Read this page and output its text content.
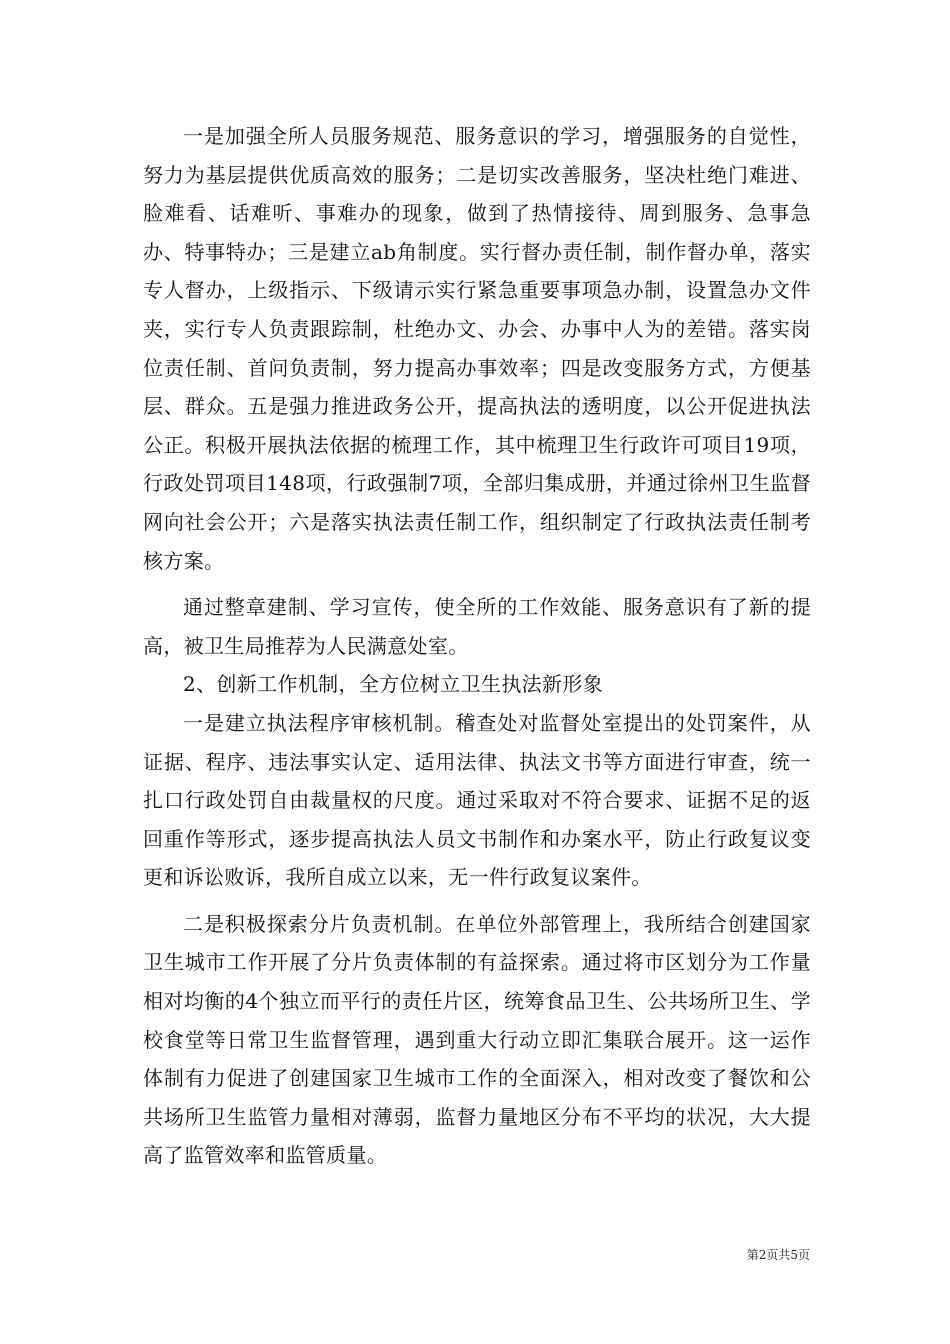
一是加强全所人员服务规范、服务意识的学习，增强服务的自觉性，努力为基层提供优质高效的服务；二是切实改善服务，坚决杜绝门难进、脸难看、话难听、事难办的现象，做到了热情接待、周到服务、急事急办、特事特办；三是建立ab角制度。实行督办责任制，制作督办单，落实专人督办，上级指示、下级请示实行紧急重要事项急办制，设置急办文件夹，实行专人负责跟踪制，杜绝办文、办会、办事中人为的差错。落实岗位责任制、首问负责制，努力提高办事效率；四是改变服务方式，方便基层、群众。五是强力推进政务公开，提高执法的透明度，以公开促进执法公正。积极开展执法依据的梳理工作，其中梳理卫生行政许可项目19项，行政处罚项目148项，行政强制7项，全部归集成册，并通过徐州卫生监督网向社会公开；六是落实执法责任制工作，组织制定了行政执法责任制考核方案。

通过整章建制、学习宣传，使全所的工作效能、服务意识有了新的提高，被卫生局推荐为人民满意处室。

2、创新工作机制，全方位树立卫生执法新形象

一是建立执法程序审核机制。稽查处对监督处室提出的处罚案件，从证据、程序、违法事实认定、适用法律、执法文书等方面进行审查，统一扎口行政处罚自由裁量权的尺度。通过采取对不符合要求、证据不足的返回重作等形式，逐步提高执法人员文书制作和办案水平，防止行政复议变更和诉讼败诉，我所自成立以来，无一件行政复议案件。

二是积极探索分片负责机制。在单位外部管理上，我所结合创建国家卫生城市工作开展了分片负责体制的有益探索。通过将市区划分为工作量相对均衡的4个独立而平行的责任片区，统筹食品卫生、公共场所卫生、学校食堂等日常卫生监督管理，遇到重大行动立即汇集联合展开。这一运作体制有力促进了创建国家卫生城市工作的全面深入，相对改变了餐饮和公共场所卫生监管力量相对薄弱，监督力量地区分布不平均的状况，大大提高了监管效率和监管质量。

第2页共5页
